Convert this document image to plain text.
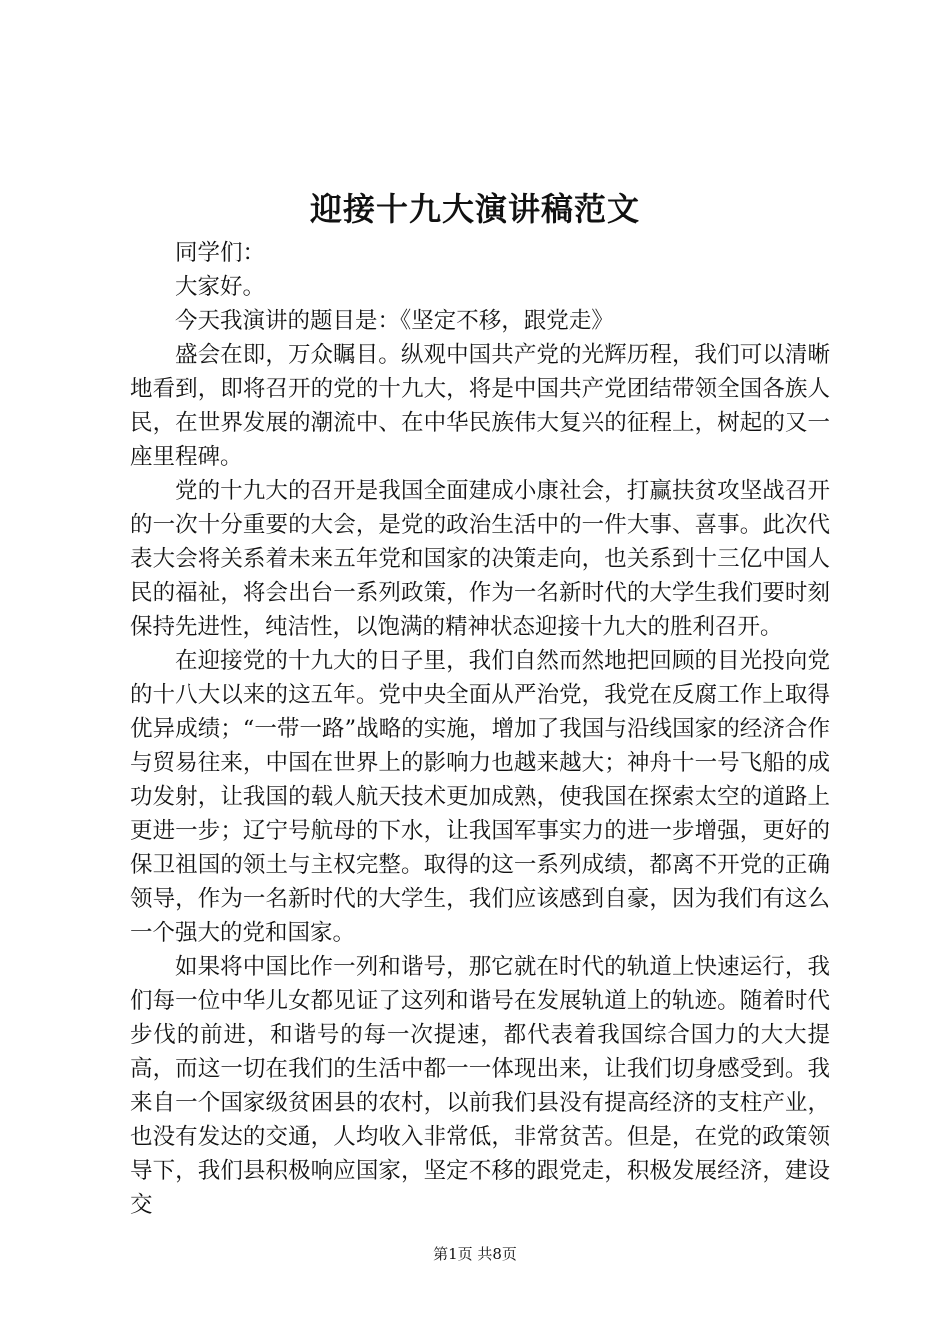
迎接十九大演讲稿范文

同学们：

大家好。

今天我演讲的题目是：《坚定不移，跟党走》

盛会在即，万众瞩目。纵观中国共产党的光辉历程，我们可以清晰地看到，即将召开的党的十九大，将是中国共产党团结带领全国各族人民，在世界发展的潮流中、在中华民族伟大复兴的征程上，树起的又一座里程碑。

党的十九大的召开是我国全面建成小康社会，打赢扶贫攻坚战召开的一次十分重要的大会，是党的政治生活中的一件大事、喜事。此次代表大会将关系着未来五年党和国家的决策走向，也关系到十三亿中国人民的福祉，将会出台一系列政策，作为一名新时代的大学生我们要时刻保持先进性，纯洁性，以饱满的精神状态迎接十九大的胜利召开。

在迎接党的十九大的日子里，我们自然而然地把回顾的目光投向党的十八大以来的这五年。党中央全面从严治党，我党在反腐工作上取得优异成绩；“一带一路”战略的实施，增加了我国与沿线国家的经济合作与贸易往来，中国在世界上的影响力也越来越大；神舟十一号飞船的成功发射，让我国的载人航天技术更加成熟，使我国在探索太空的道路上更进一步；辽宁号航母的下水，让我国军事实力的进一步增强，更好的保卫祖国的领土与主权完整。取得的这一系列成绩，都离不开党的正确领导，作为一名新时代的大学生，我们应该感到自豪，因为我们有这么一个强大的党和国家。

如果将中国比作一列和谐号，那它就在时代的轨道上快速运行，我们每一位中华儿女都见证了这列和谐号在发展轨道上的轨迹。随着时代步伐的前进，和谐号的每一次提速，都代表着我国综合国力的大大提高，而这一切在我们的生活中都一一体现出来，让我们切身感受到。我来自一个国家级贫困县的农村，以前我们县没有提高经济的支柱产业，也没有发达的交通，人均收入非常低，非常贫苦。但是，在党的政策领导下，我们县积极响应国家，坚定不移的跟党走，积极发展经济，建设交

第1页 共8页
